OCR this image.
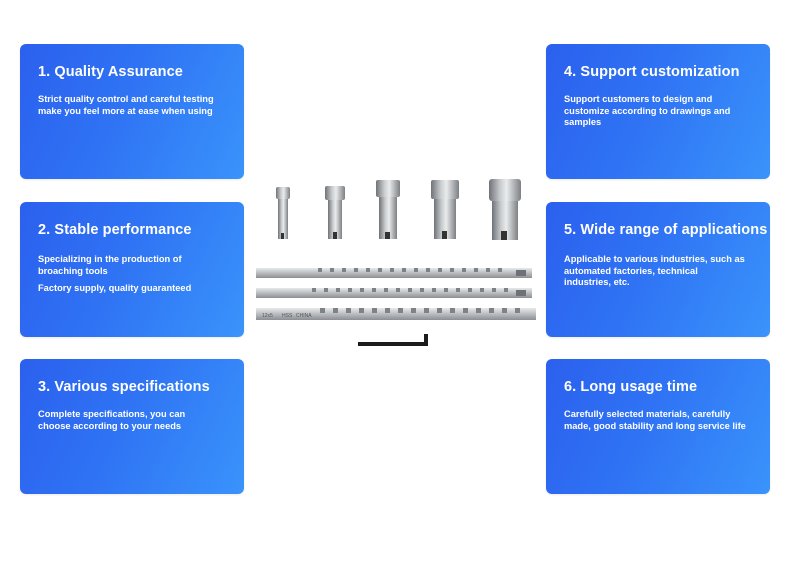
1. Quality Assurance

Strict quality control and careful testing make you feel more at ease when using

2. Stable performance

Specializing in the production of broaching tools

Factory supply, quality guaranteed

3. Various specifications

Complete specifications, you can choose according to your needs

4. Support customization

Support customers to design and customize according to drawings and samples

5. Wide range of applications

Applicable to various industries, such as automated factories, technical industries, etc.

6. Long usage time

Carefully selected materials, carefully made, good stability and long service life

12x5 HSS CHINA
